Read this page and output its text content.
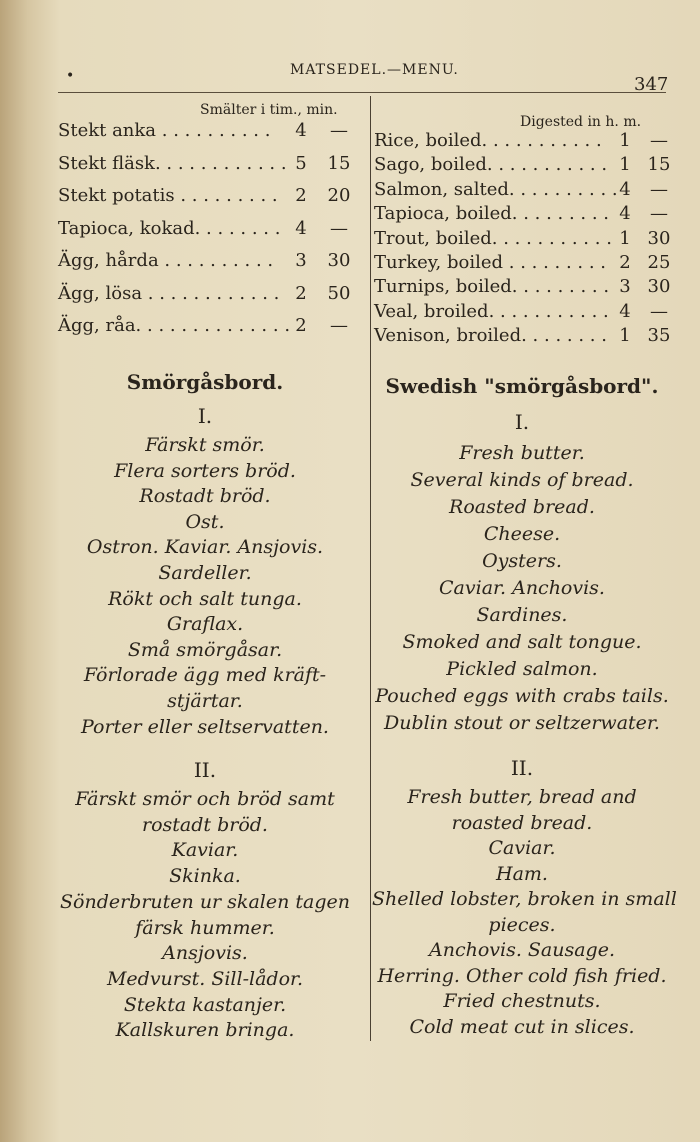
•	MATSEDEL.—MENU.
347
Smälter i tim., min.
Digested in h. m.
Stekt anka . . . . . . . . . . 4	—
Stekt fläsk. . . . . . . . . . . . 5 15
Stekt potatis . . . . . . . . . 2 20
Tapioca, kokad. . . . . . . . 4	—
Ägg, hårda . . . . . . . . . . 3 30
Ägg, lösa . . . . . . . . . . . . 2 50
Ägg, råa. . . . . . . . . . . . . . 2	—
Rice, boiled. . . . . . . . . . . 1	—
Sago, boiled. . . . . . . . . . . 1 15
Salmon, salted. . . . . . . . . . 4	—
Tapioca, boiled. . . . . . . . . 4	—
Trout, boiled. . . . . . . . . . . 1 30
Turkey, boiled . . . . . . . . . 2 25
Turnips, boiled. . . . . . . . . 3 30
Veal, broiled. . . . . . . . . . . 4	—
Venison, broiled. . . . . . . . 1 35
Smörgåsbord.	Swedish "smörgåsbord".
I.	I.
Färskt smör.
Flera sorters bröd.
Rostadt bröd.
Ost.
Ostron. Kaviar. Ansjovis.
Sardeller.
Rökt och salt tunga.
Graflax.
Små smörgåsar.
Förlorade ägg med kräft-
stjärtar.
Porter eller seltservatten.
Fresh butter.
Several kinds of bread.
Roasted bread.
Cheese.
Oysters.
Caviar. Anchovis.
Sardines.
Smoked and salt tongue.
Pickled salmon.
Pouched eggs with crabs tails.
Dublin stout or seltzerwater.
II.	II.
Färskt smör och bröd samt
rostadt bröd.
Kaviar.
Skinka.
Sönderbruten ur skalen tagen
färsk hummer.
Ansjovis.
Medvurst. Sill-lådor.
Stekta kastanjer.
Kallskuren bringa.
Fresh butter, bread and
roasted bread.
Caviar.
Ham.
Shelled lobster, broken in small
pieces.
Anchovis. Sausage.
Herring. Other cold fish fried.
Fried chestnuts.
Cold meat cut in slices.
